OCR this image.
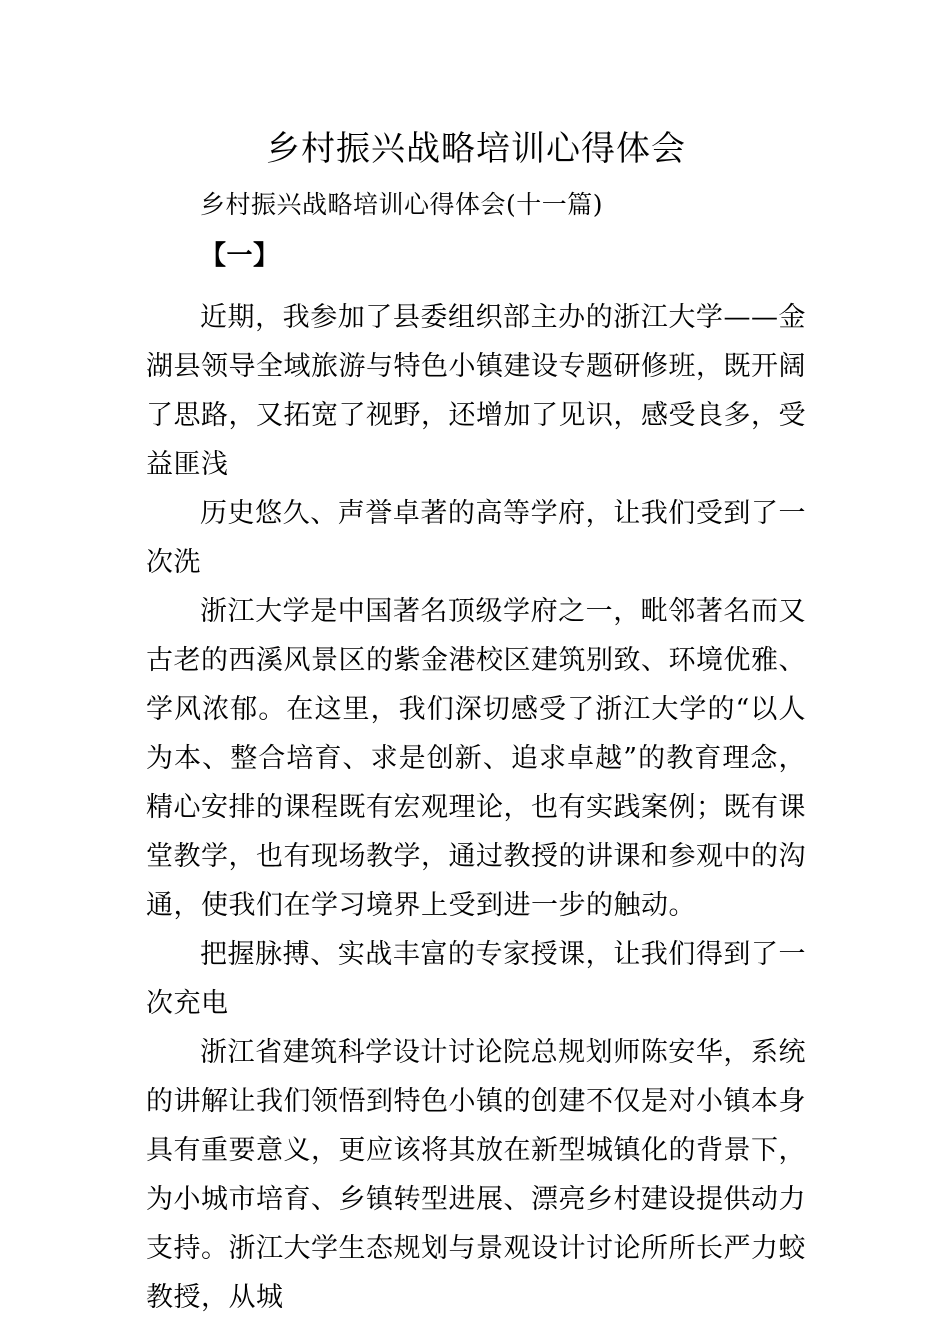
乡村振兴战略培训心得体会

乡村振兴战略培训心得体会(十一篇)

【一】

近期，我参加了县委组织部主办的浙江大学——金湖县领导全域旅游与特色小镇建设专题研修班，既开阔了思路，又拓宽了视野，还增加了见识，感受良多，受益匪浅

历史悠久、声誉卓著的高等学府，让我们受到了一次洗

浙江大学是中国著名顶级学府之一，毗邻著名而又古老的西溪风景区的紫金港校区建筑别致、环境优雅、学风浓郁。在这里，我们深切感受了浙江大学的“以人为本、整合培育、求是创新、追求卓越”的教育理念，精心安排的课程既有宏观理论，也有实践案例；既有课堂教学，也有现场教学，通过教授的讲课和参观中的沟通，使我们在学习境界上受到进一步的触动。

把握脉搏、实战丰富的专家授课，让我们得到了一次充电

浙江省建筑科学设计讨论院总规划师陈安华，系统的讲解让我们领悟到特色小镇的创建不仅是对小镇本身具有重要意义，更应该将其放在新型城镇化的背景下，为小城市培育、乡镇转型进展、漂亮乡村建设提供动力支持。浙江大学生态规划与景观设计讨论所所长严力蛟教授，从城
